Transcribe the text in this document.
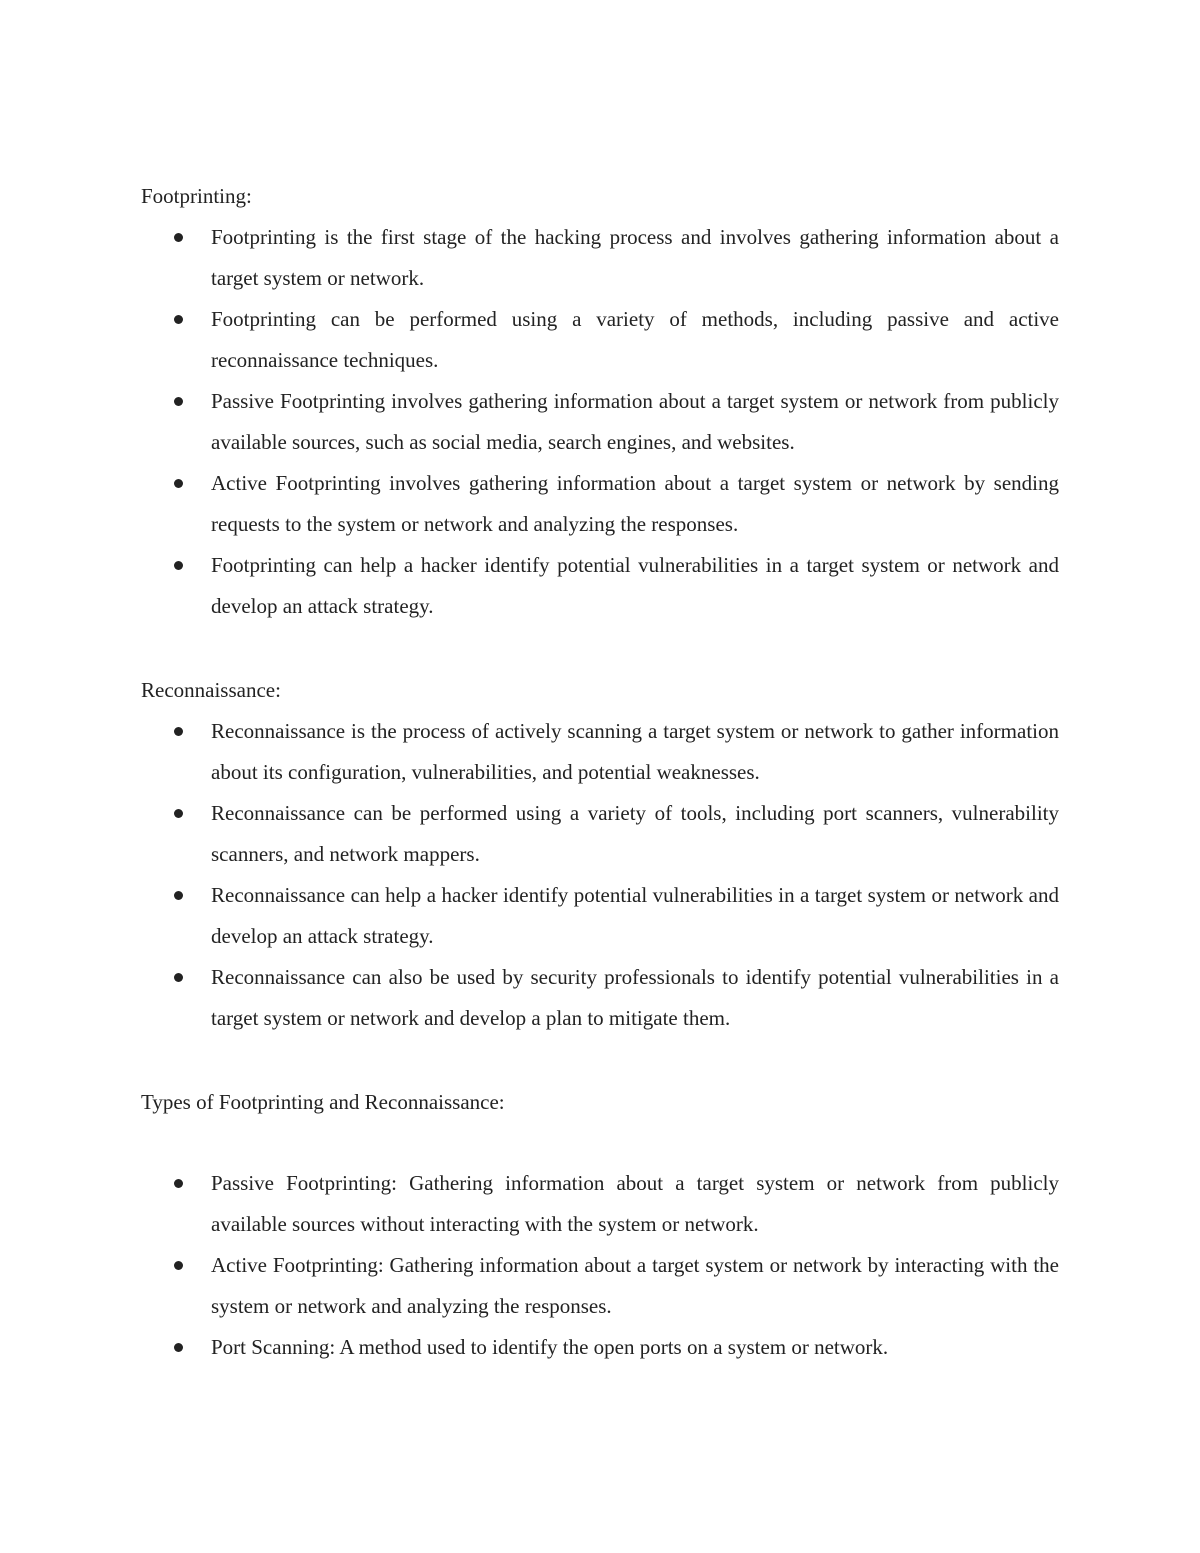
Footprinting:

Footprinting is the first stage of the hacking process and involves gathering information about a target system or network.
Footprinting can be performed using a variety of methods, including passive and active reconnaissance techniques.
Passive Footprinting involves gathering information about a target system or network from publicly available sources, such as social media, search engines, and websites.
Active Footprinting involves gathering information about a target system or network by sending requests to the system or network and analyzing the responses.
Footprinting can help a hacker identify potential vulnerabilities in a target system or network and develop an attack strategy.

Reconnaissance:

Reconnaissance is the process of actively scanning a target system or network to gather information about its configuration, vulnerabilities, and potential weaknesses.
Reconnaissance can be performed using a variety of tools, including port scanners, vulnerability scanners, and network mappers.
Reconnaissance can help a hacker identify potential vulnerabilities in a target system or network and develop an attack strategy.
Reconnaissance can also be used by security professionals to identify potential vulnerabilities in a target system or network and develop a plan to mitigate them.

Types of Footprinting and Reconnaissance:

Passive Footprinting: Gathering information about a target system or network from publicly available sources without interacting with the system or network.
Active Footprinting: Gathering information about a target system or network by interacting with the system or network and analyzing the responses.
Port Scanning: A method used to identify the open ports on a system or network.
